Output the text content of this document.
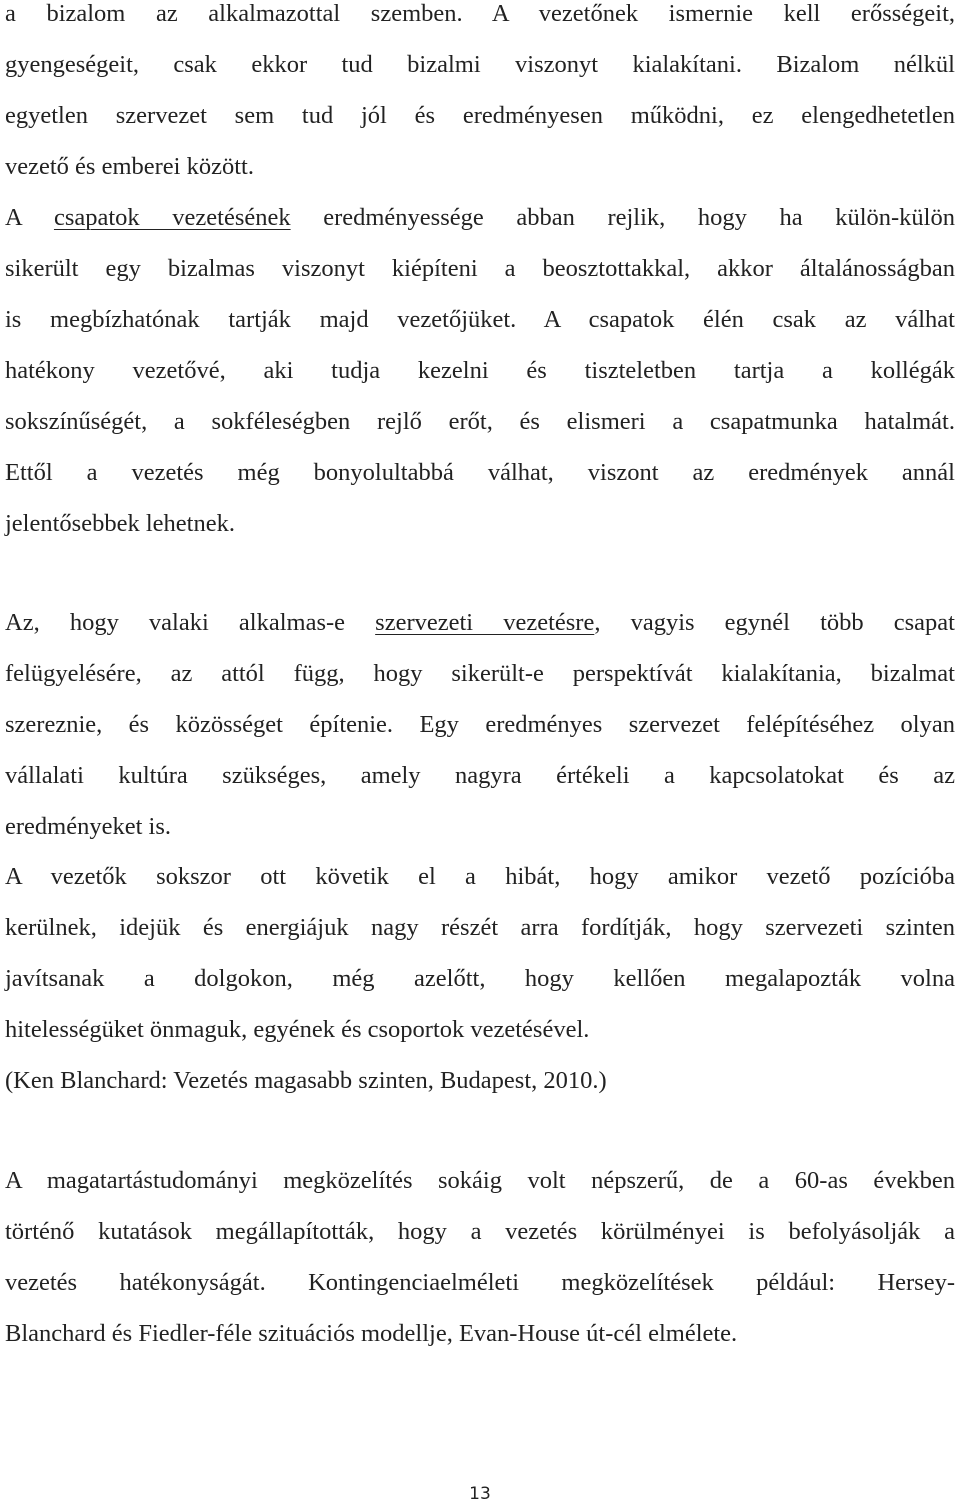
a bizalom az alkalmazottal szemben. A vezetőnek ismernie kell erősségeit,
gyengeségeit, csak ekkor tud bizalmi viszonyt kialakítani. Bizalom nélkül
egyetlen szervezet sem tud jól és eredményesen működni, ez elengedhetetlen
vezető és emberei között.
A csapatok vezetésének eredményessége abban rejlik, hogy ha külön-külön
sikerült egy bizalmas viszonyt kiépíteni a beosztottakkal, akkor általánosságban
is megbízhatónak tartják majd vezetőjüket. A csapatok élén csak az válhat
hatékony vezetővé, aki tudja kezelni és tiszteletben tartja a kollégák
sokszínűségét, a sokféleségben rejlő erőt, és elismeri a csapatmunka hatalmát.
Ettől a vezetés még bonyolultabbá válhat, viszont az eredmények annál
jelentősebbek lehetnek.
Az, hogy valaki alkalmas-e szervezeti vezetésre, vagyis egynél több csapat
felügyelésére, az attól függ, hogy sikerült-e perspektívát kialakítania, bizalmat
szereznie, és közösséget építenie. Egy eredményes szervezet felépítéséhez olyan
vállalati kultúra szükséges, amely nagyra értékeli a kapcsolatokat és az
eredményeket is.
A vezetők sokszor ott követik el a hibát, hogy amikor vezető pozícióba
kerülnek, idejük és energiájuk nagy részét arra fordítják, hogy szervezeti szinten
javítsanak a dolgokon, még azelőtt, hogy kellően megalapozták volna
hitelességüket önmaguk, egyének és csoportok vezetésével.
(Ken Blanchard: Vezetés magasabb szinten, Budapest, 2010.)
A magatartástudományi megközelítés sokáig volt népszerű, de a 60-as években
történő kutatások megállapították, hogy a vezetés körülményei is befolyásolják a
vezetés hatékonyságát. Kontingenciaelméleti megközelítések például: Hersey-
Blanchard és Fiedler-féle szituációs modellje, Evan-House út-cél elmélete.
13
